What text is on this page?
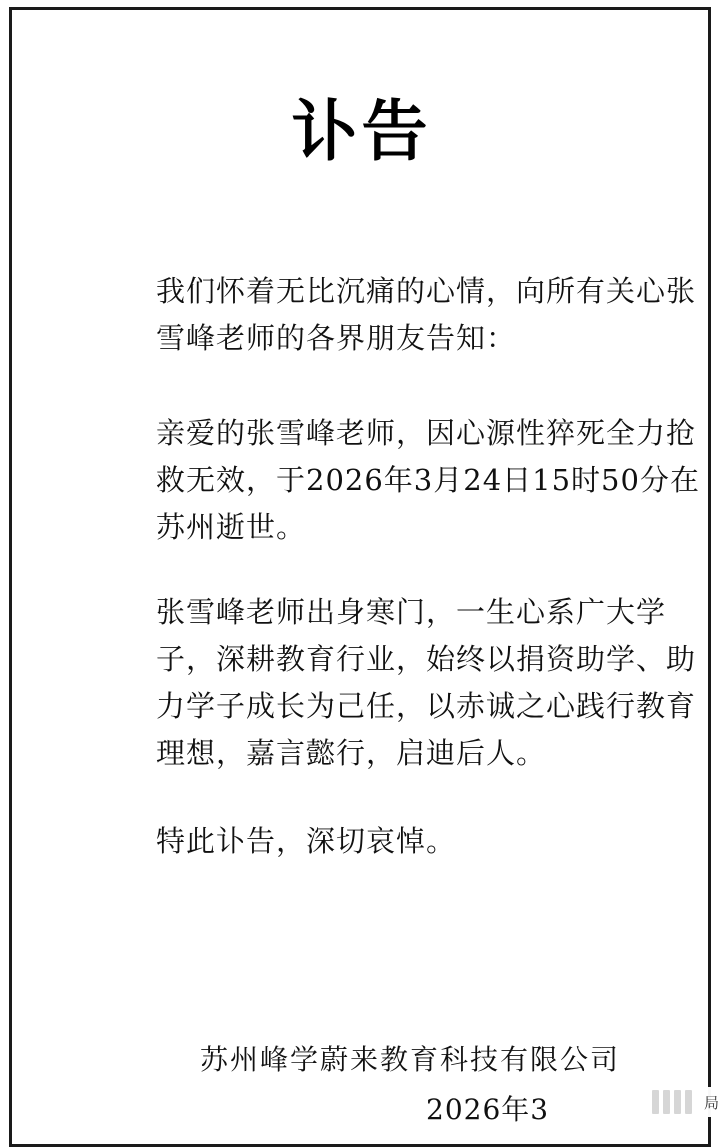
讣告

我们怀着无比沉痛的心情，向所有关心张雪峰老师的各界朋友告知：

亲爱的张雪峰老师，因心源性猝死全力抢救无效，于2026年3月24日15时50分在苏州逝世。

张雪峰老师出身寒门，一生心系广大学子，深耕教育行业，始终以捐资助学、助力学子成长为己任，以赤诚之心践行教育理想，嘉言懿行，启迪后人。

特此讣告，深切哀悼。

苏州峰学蔚来教育科技有限公司
2026年3	局
